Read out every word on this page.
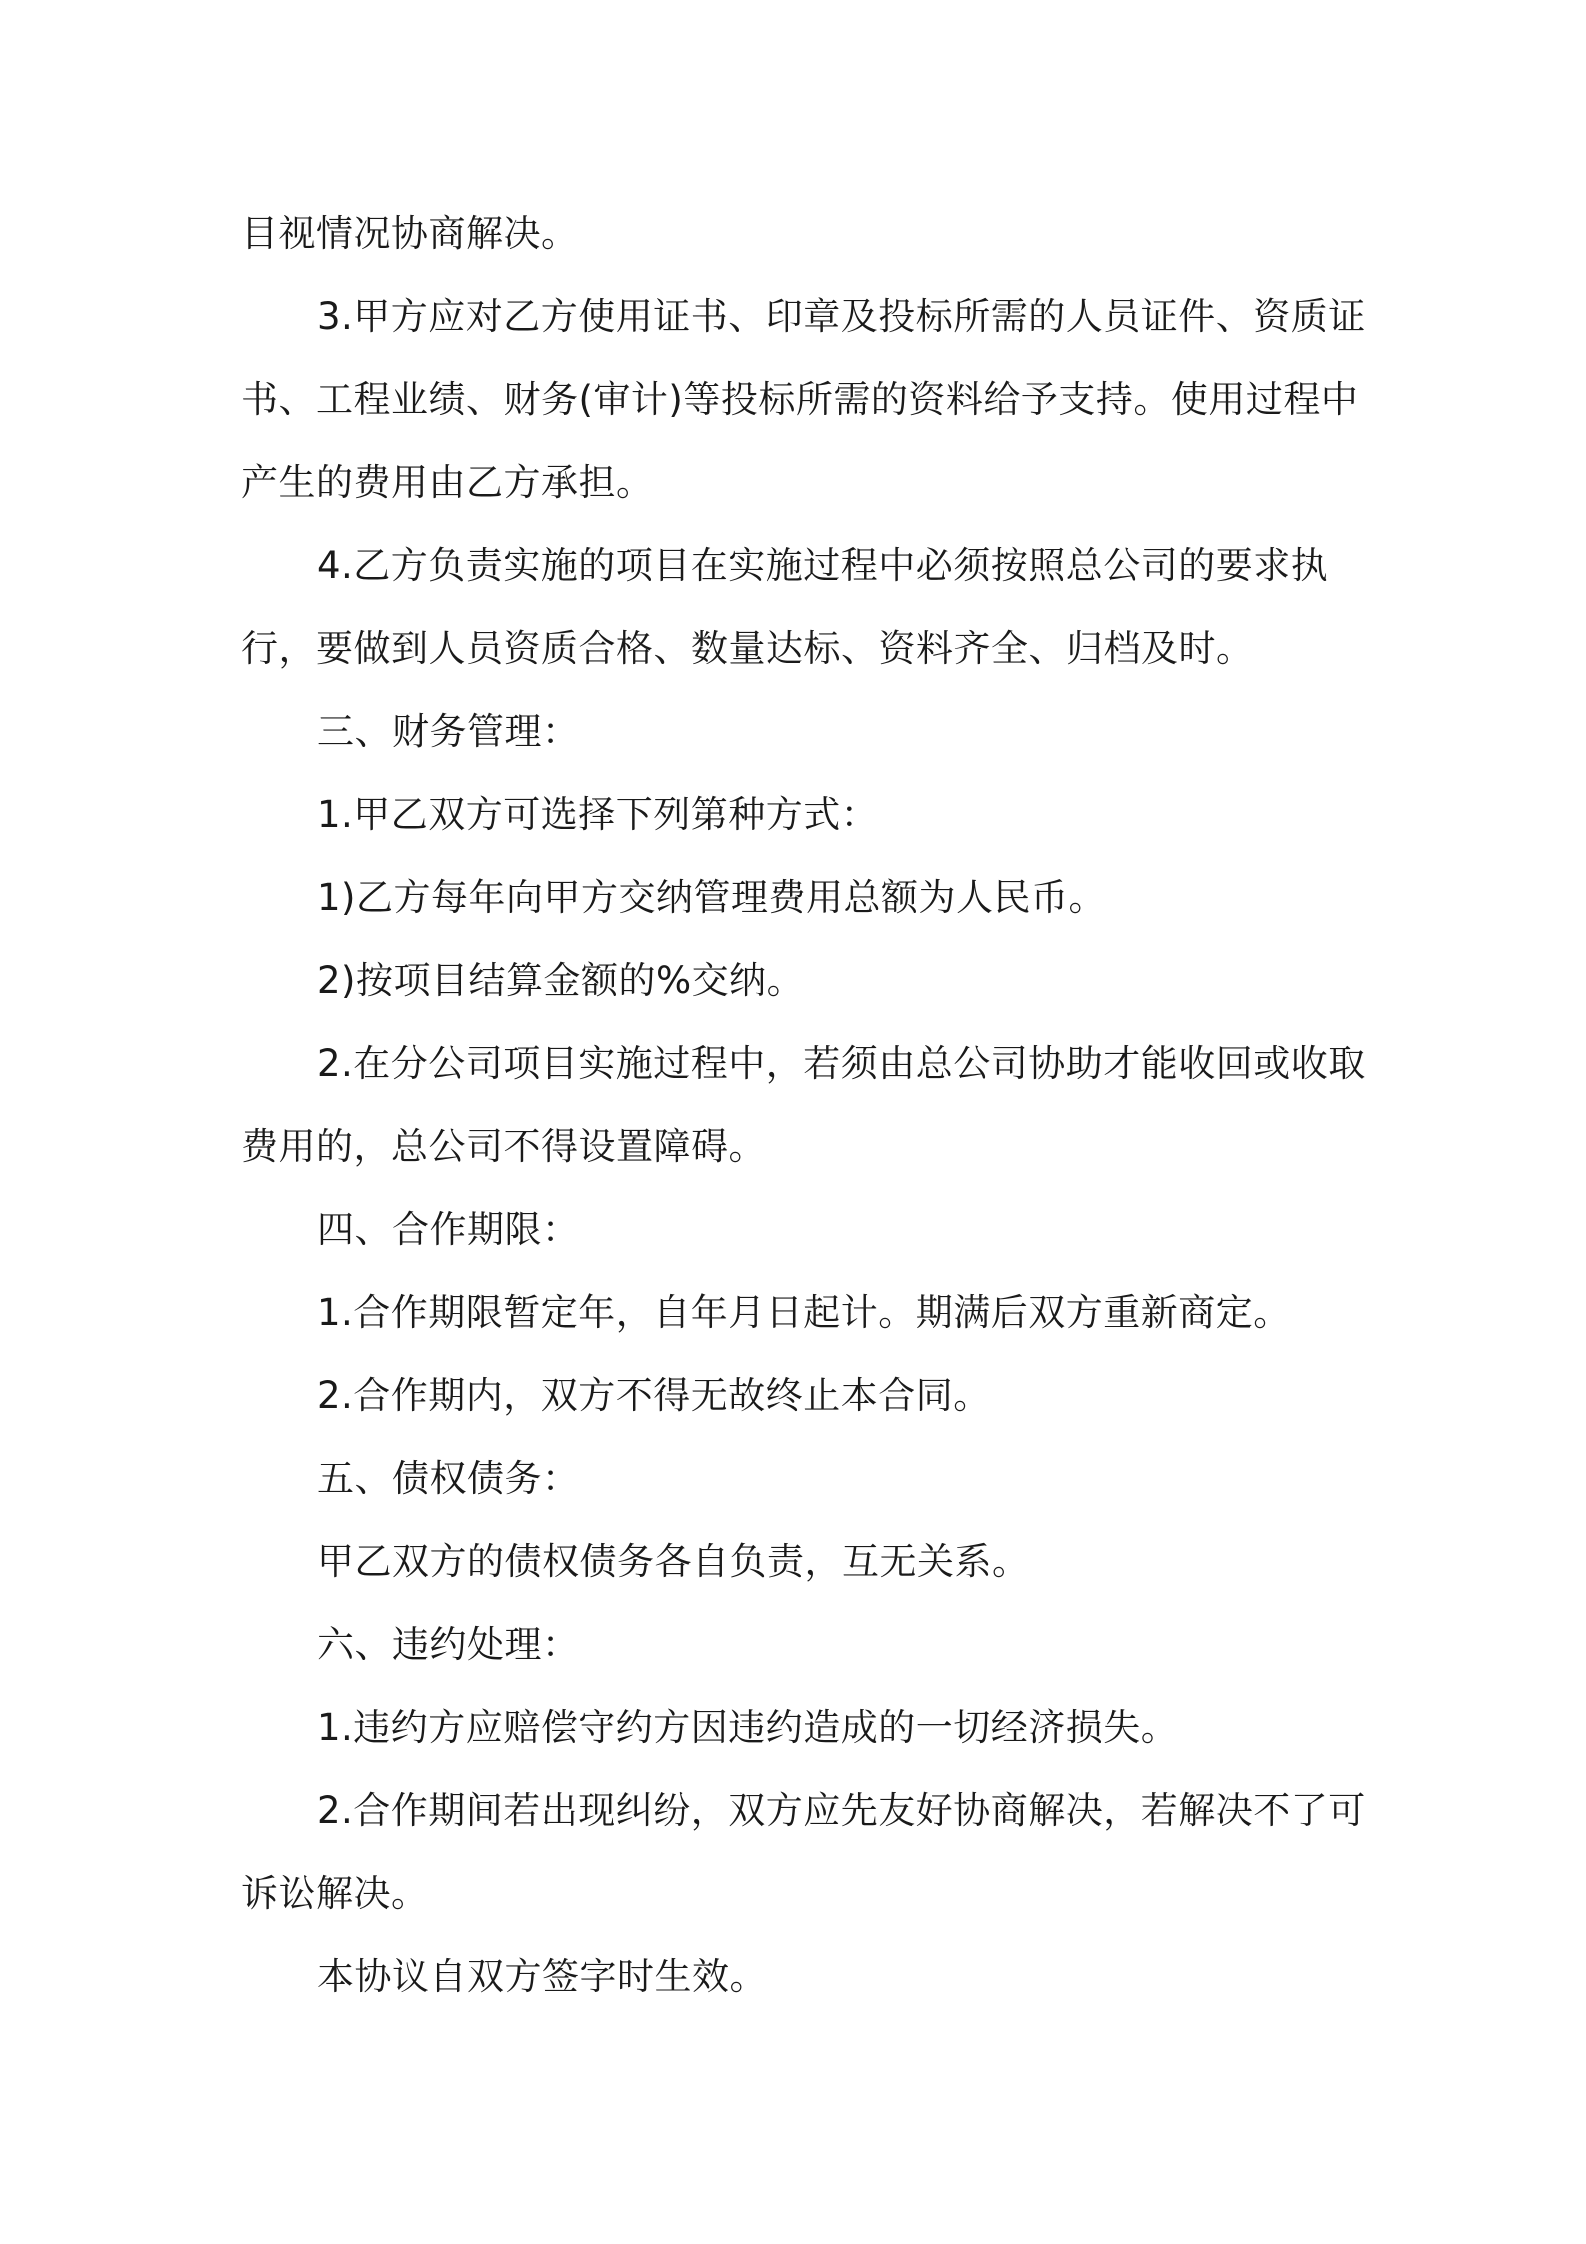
目视情况协商解决。
3.甲方应对乙方使用证书、印章及投标所需的人员证件、资质证
书、工程业绩、财务(审计)等投标所需的资料给予支持。使用过程中
产生的费用由乙方承担。
4.乙方负责实施的项目在实施过程中必须按照总公司的要求执
行，要做到人员资质合格、数量达标、资料齐全、归档及时。
三、财务管理：
1.甲乙双方可选择下列第种方式：
1)乙方每年向甲方交纳管理费用总额为人民币。
2)按项目结算金额的%交纳。
2.在分公司项目实施过程中，若须由总公司协助才能收回或收取
费用的，总公司不得设置障碍。
四、合作期限：
1.合作期限暂定年，自年月日起计。期满后双方重新商定。
2.合作期内，双方不得无故终止本合同。
五、债权债务：
甲乙双方的债权债务各自负责，互无关系。
六、违约处理：
1.违约方应赔偿守约方因违约造成的一切经济损失。
2.合作期间若出现纠纷，双方应先友好协商解决，若解决不了可
诉讼解决。
本协议自双方签字时生效。
